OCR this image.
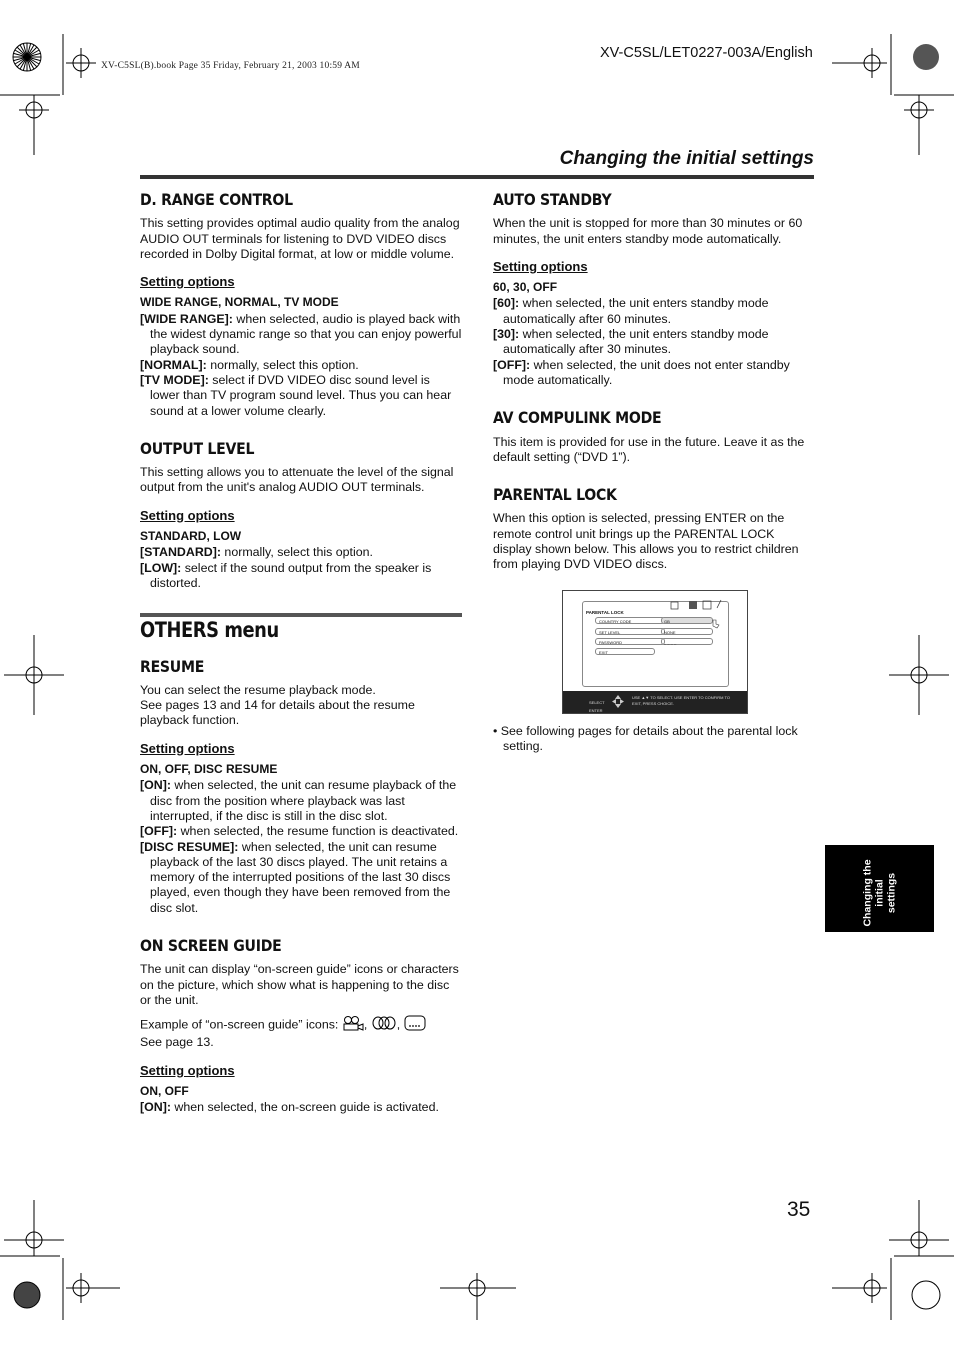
XV-C5SL/LET0227-003A/English
XV-C5SL(B).book Page 35 Friday, February 21, 2003 10:59 AM
Changing the initial settings
D. RANGE CONTROL

This setting provides optimal audio quality from the analog AUDIO OUT terminals for listening to DVD VIDEO discs recorded in Dolby Digital format, at low or middle volume.

Setting options

WIDE RANGE, NORMAL, TV MODE

[WIDE RANGE]: when selected, audio is played back with the widest dynamic range so that you can enjoy powerful playback sound.

[NORMAL]: normally, select this option.

[TV MODE]: select if DVD VIDEO disc sound level is lower than TV program sound level. Thus you can hear sound at a lower volume clearly.

OUTPUT LEVEL

This setting allows you to attenuate the level of the signal output from the unit's analog AUDIO OUT terminals.

Setting options

STANDARD, LOW

[STANDARD]: normally, select this option.

[LOW]: select if the sound output from the speaker is distorted.

OTHERS menu
RESUME

You can select the resume playback mode.

See pages 13 and 14 for details about the resume playback function.

Setting options

ON, OFF, DISC RESUME

[ON]: when selected, the unit can resume playback of the disc from the position where playback was last interrupted, if the disc is still in the disc slot.

[OFF]: when selected, the resume function is deactivated.

[DISC RESUME]: when selected, the unit can resume playback of the last 30 discs played. The unit retains a memory of the interrupted positions of the last 30 discs played, even though they have been removed from the disc slot.

ON SCREEN GUIDE

The unit can display “on-screen guide” icons or characters on the picture, which show what is happening to the disc or the unit.

Example of “on-screen guide” icons: , ,

See page 13.

Setting options

ON, OFF

[ON]: when selected, the on-screen guide is activated.

AUTO STANDBY

When the unit is stopped for more than 30 minutes or 60 minutes, the unit enters standby mode automatically.

Setting options

60, 30, OFF

[60]: when selected, the unit enters standby mode automatically after 60 minutes.

[30]: when selected, the unit enters standby mode automatically after 30 minutes.

[OFF]: when selected, the unit does not enter standby mode automatically.

AV COMPULINK MODE

This item is provided for use in the future. Leave it as the default setting (“DVD 1”).

PARENTAL LOCK

When this option is selected, pressing ENTER on the remote control unit brings up the PARENTAL LOCK display shown below. This allows you to restrict children from playing DVD VIDEO discs.

PARENTAL LOCK
COUNTRY CODE	GB
SET LEVEL	NONE
PASSWORD	_ _ _ _
EXIT
SELECT
ENTER
USE ▲▼ TO SELECT. USE ENTER TO CONFIRM TO EXIT, PRESS CHOICE.

• See following pages for details about the parental lock setting.

Changing the initial settings
35
